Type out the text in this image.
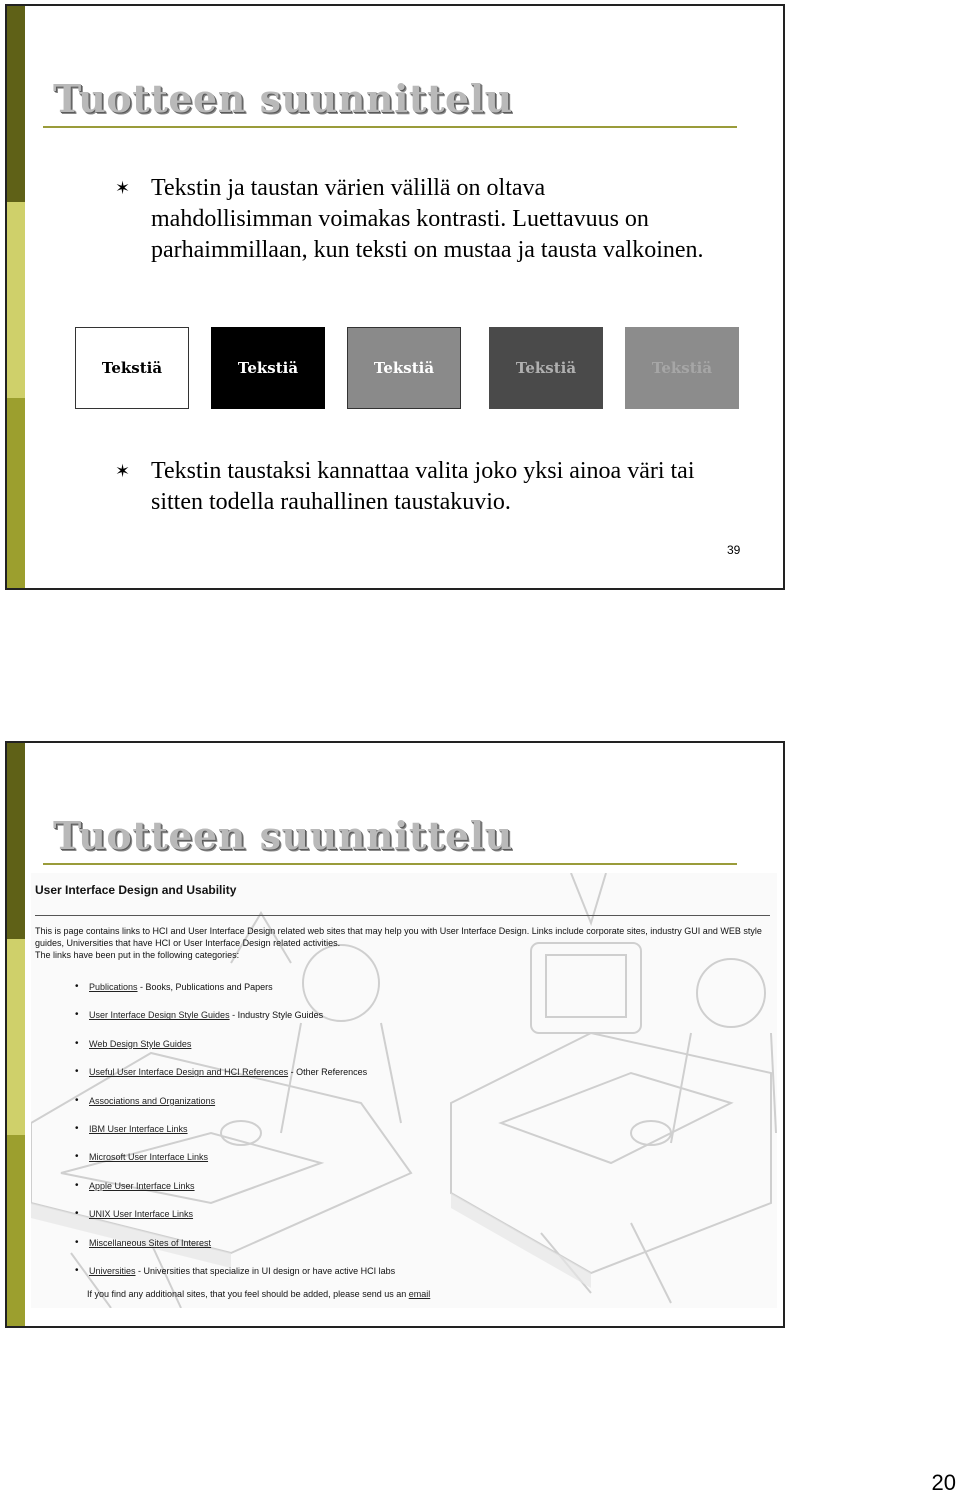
Tuotteen suunnittelu
✶ Tekstin ja taustan värien välillä on oltava mahdollisimman voimakas kontrasti. Luettavuus on parhaimmillaan, kun teksti on mustaa ja tausta valkoinen.
Tekstiä	Tekstiä	Tekstiä	Tekstiä	Tekstiä
✶ Tekstin taustaksi kannattaa valita joko yksi ainoa väri tai sitten todella rauhallinen taustakuvio.
39
Tuotteen suunnittelu
User Interface Design and Usability
This is page contains links to HCI and User Interface Design related web sites that may help you with User Interface Design. Links include corporate sites, industry GUI and WEB style guides, Universities that have HCI or User Interface Design related activities.
The links have been put in the following categories:
• Publications - Books, Publications and Papers
• User Interface Design Style Guides - Industry Style Guides
• Web Design Style Guides
• Useful User Interface Design and HCI References - Other References
• Associations and Organizations
• IBM User Interface Links
• Microsoft User Interface Links
• Apple User Interface Links
• UNIX User Interface Links
• Miscellaneous Sites of Interest
• Universities - Universities that specialize in UI design or have active HCI labs
If you find any additional sites, that you feel should be added, please send us an email
20
